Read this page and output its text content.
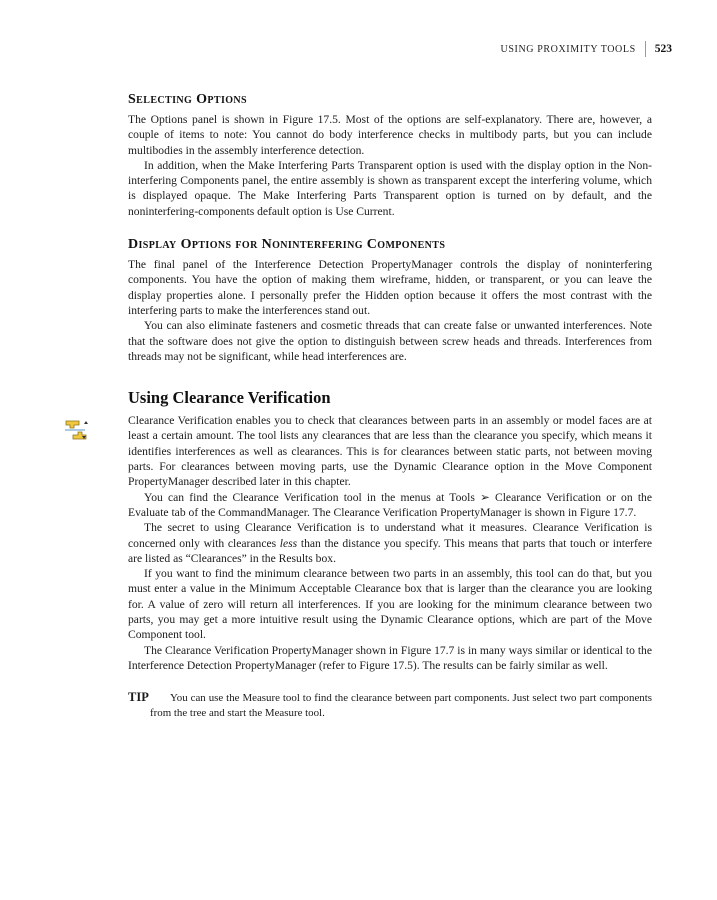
USING PROXIMITY TOOLS 523
Selecting Options

The Options panel is shown in Figure 17.5. Most of the options are self-explanatory. There are, however, a couple of items to note: You cannot do body interference checks in multibody parts, but you can include multibodies in the assembly interference detection.

In addition, when the Make Interfering Parts Transparent option is used with the display option in the Non-interfering Components panel, the entire assembly is shown as transparent except the interfering volume, which is displayed opaque. The Make Interfering Parts Transparent option is turned on by default, and the noninterfering-components default option is Use Current.

Display Options for Noninterfering Components

The final panel of the Interference Detection PropertyManager controls the display of noninterfering components. You have the option of making them wireframe, hidden, or transparent, or you can leave the display properties alone. I personally prefer the Hidden option because it offers the most contrast with the interfering parts to make the interferences stand out.

You can also eliminate fasteners and cosmetic threads that can create false or unwanted interferences. Note that the software does not give the option to distinguish between screw heads and threads. Interferences from threads may not be significant, while head interferences are.

Using Clearance Verification

Clearance Verification enables you to check that clearances between parts in an assembly or model faces are at least a certain amount. The tool lists any clearances that are less than the clearance you specify, which means it identifies interferences as well as clearances. This is for clearances between static parts, not between moving parts. For clearances between moving parts, use the Dynamic Clearance option in the Move Component PropertyManager described later in this chapter.

You can find the Clearance Verification tool in the menus at Tools ➢ Clearance Verification or on the Evaluate tab of the CommandManager. The Clearance Verification PropertyManager is shown in Figure 17.7.

The secret to using Clearance Verification is to understand what it measures. Clearance Verification is concerned only with clearances less than the distance you specify. This means that parts that touch or interfere are listed as “Clearances” in the Results box.

If you want to find the minimum clearance between two parts in an assembly, this tool can do that, but you must enter a value in the Minimum Acceptable Clearance box that is larger than the clearance you are looking for. A value of zero will return all interferences. If you are looking for the minimum clearance between two parts, you may get a more intuitive result using the Dynamic Clearance options, which are part of the Move Component tool.

The Clearance Verification PropertyManager shown in Figure 17.7 is in many ways similar or identical to the Interference Detection PropertyManager (refer to Figure 17.5). The results can be fairly similar as well.

TIP You can use the Measure tool to find the clearance between part components. Just select two part components from the tree and start the Measure tool.
